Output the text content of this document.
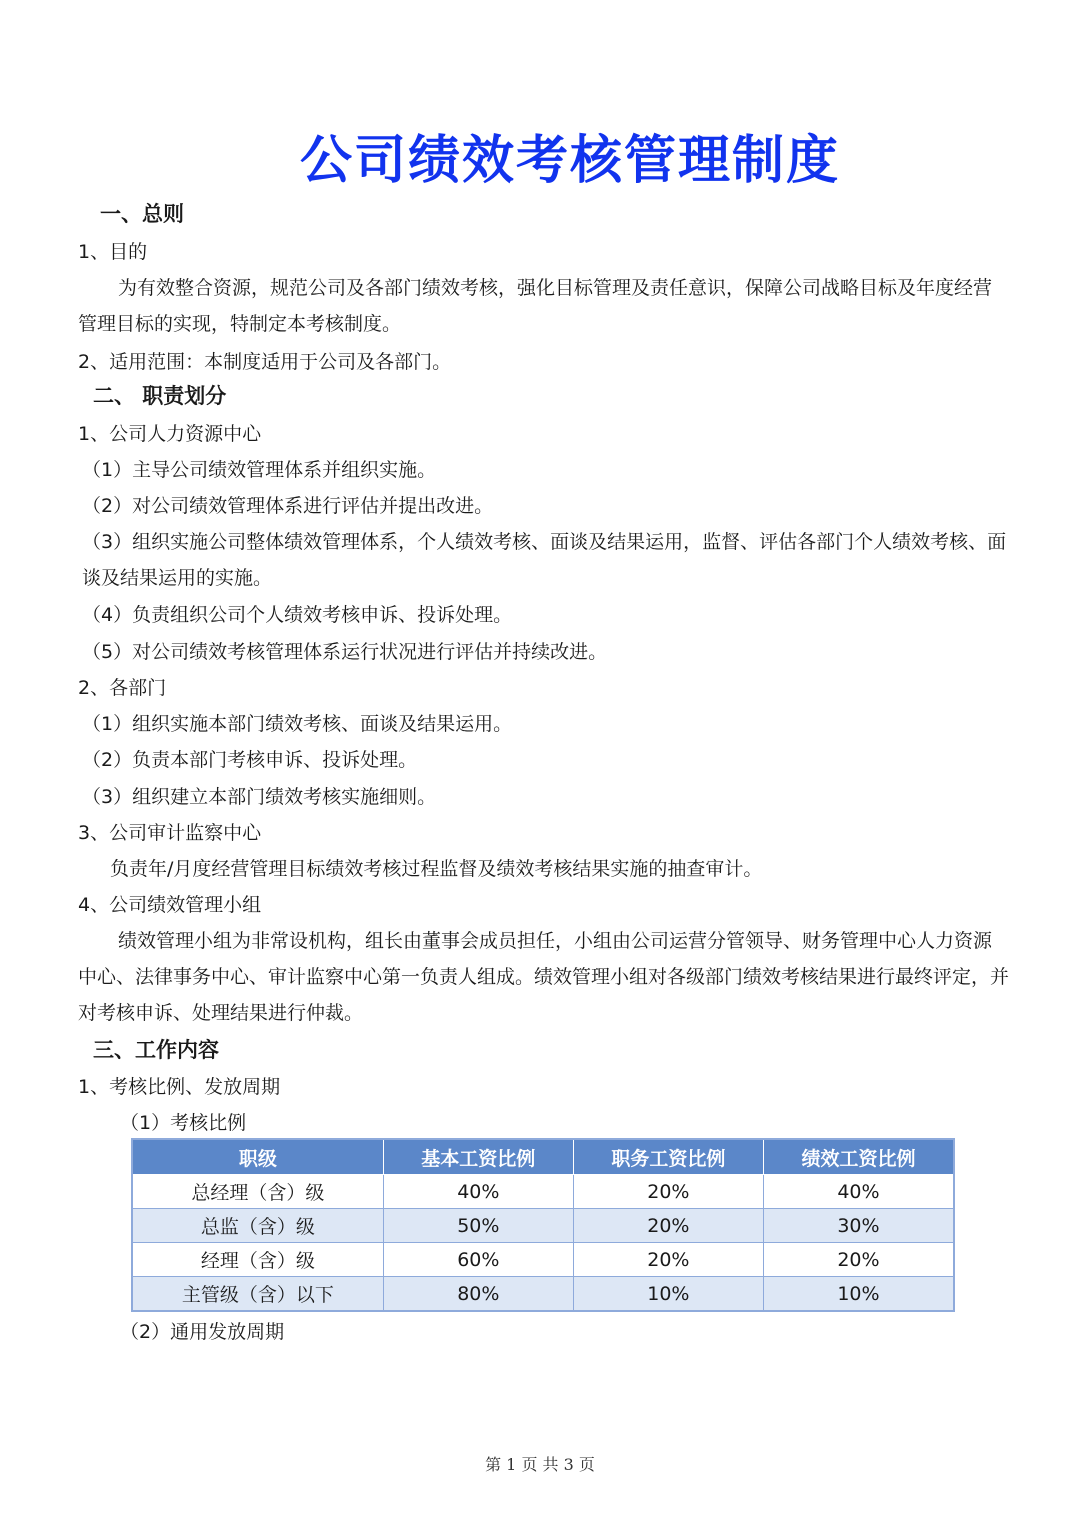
公司绩效考核管理制度
一、总则
1、目的
为有效整合资源，规范公司及各部门绩效考核，强化目标管理及责任意识，保障公司战略目标及年度经营管理目标的实现，特制定本考核制度。
2、适用范围：本制度适用于公司及各部门。
二、 职责划分
1、公司人力资源中心
（1）主导公司绩效管理体系并组织实施。
（2）对公司绩效管理体系进行评估并提出改进。
（3）组织实施公司整体绩效管理体系，个人绩效考核、面谈及结果运用，监督、评估各部门个人绩效考核、面谈及结果运用的实施。
（4）负责组织公司个人绩效考核申诉、投诉处理。
（5）对公司绩效考核管理体系运行状况进行评估并持续改进。
2、各部门
（1）组织实施本部门绩效考核、面谈及结果运用。
（2）负责本部门考核申诉、投诉处理。
（3）组织建立本部门绩效考核实施细则。
3、公司审计监察中心
负责年/月度经营管理目标绩效考核过程监督及绩效考核结果实施的抽查审计。
4、公司绩效管理小组
绩效管理小组为非常设机构，组长由董事会成员担任，小组由公司运营分管领导、财务管理中心人力资源中心、法律事务中心、审计监察中心第一负责人组成。绩效管理小组对各级部门绩效考核结果进行最终评定，并对考核申诉、处理结果进行仲裁。
三、工作内容
1、考核比例、发放周期
（1）考核比例
职级	基本工资比例	职务工资比例	绩效工资比例
总经理（含）级	40%	20%	40%
总监（含）级	50%	20%	30%
经理（含）级	60%	20%	20%
主管级（含）以下	80%	10%	10%
（2）通用发放周期
第 1 页 共 3 页
